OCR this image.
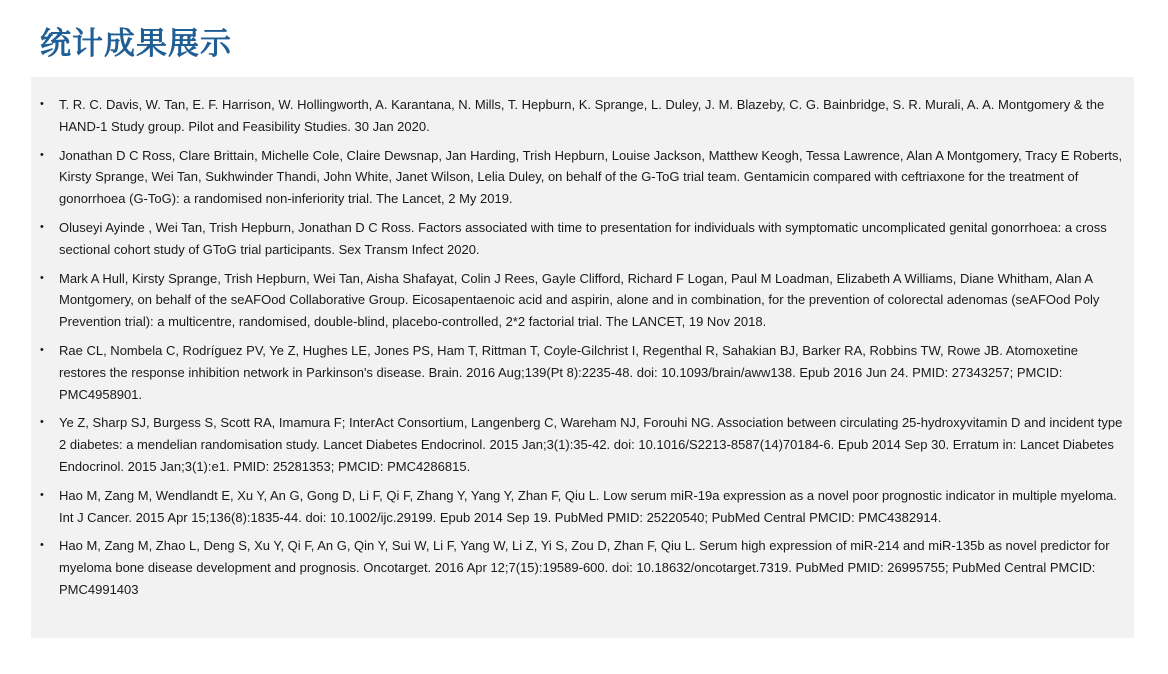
统计成果展示
• T. R. C. Davis, W. Tan, E. F. Harrison, W. Hollingworth, A. Karantana, N. Mills, T. Hepburn, K. Sprange, L. Duley, J. M. Blazeby, C. G. Bainbridge, S. R. Murali, A. A. Montgomery & the HAND-1 Study group. Pilot and Feasibility Studies. 30 Jan 2020.
• Jonathan D C Ross, Clare Brittain, Michelle Cole, Claire Dewsnap, Jan Harding, Trish Hepburn, Louise Jackson, Matthew Keogh, Tessa Lawrence, Alan A Montgomery, Tracy E Roberts, Kirsty Sprange, Wei Tan, Sukhwinder Thandi, John White, Janet Wilson, Lelia Duley, on behalf of the G-ToG trial team. Gentamicin compared with ceftriaxone for the treatment of gonorrhoea (G-ToG): a randomised non-inferiority trial. The Lancet, 2 My 2019.
• Oluseyi Ayinde , Wei Tan, Trish Hepburn, Jonathan D C Ross. Factors associated with time to presentation for individuals with symptomatic uncomplicated genital gonorrhoea: a cross sectional cohort study of GToG trial participants. Sex Transm Infect 2020.
• Mark A Hull, Kirsty Sprange, Trish Hepburn, Wei Tan, Aisha Shafayat, Colin J Rees, Gayle Clifford, Richard F Logan, Paul M Loadman, Elizabeth A Williams, Diane Whitham, Alan A Montgomery, on behalf of the seAFOod Collaborative Group. Eicosapentaenoic acid and aspirin, alone and in combination, for the prevention of colorectal adenomas (seAFOod Poly Prevention trial): a multicentre, randomised, double-blind, placebo-controlled, 2*2 factorial trial. The LANCET, 19 Nov 2018.
• Rae CL, Nombela C, Rodríguez PV, Ye Z, Hughes LE, Jones PS, Ham T, Rittman T, Coyle-Gilchrist I, Regenthal R, Sahakian BJ, Barker RA, Robbins TW, Rowe JB. Atomoxetine restores the response inhibition network in Parkinson's disease. Brain. 2016 Aug;139(Pt 8):2235-48. doi: 10.1093/brain/aww138. Epub 2016 Jun 24. PMID: 27343257; PMCID: PMC4958901.
• Ye Z, Sharp SJ, Burgess S, Scott RA, Imamura F; InterAct Consortium, Langenberg C, Wareham NJ, Forouhi NG. Association between circulating 25-hydroxyvitamin D and incident type 2 diabetes: a mendelian randomisation study. Lancet Diabetes Endocrinol. 2015 Jan;3(1):35-42. doi: 10.1016/S2213-8587(14)70184-6. Epub 2014 Sep 30. Erratum in: Lancet Diabetes Endocrinol. 2015 Jan;3(1):e1. PMID: 25281353; PMCID: PMC4286815.
• Hao M, Zang M, Wendlandt E, Xu Y, An G, Gong D, Li F, Qi F, Zhang Y, Yang Y, Zhan F, Qiu L. Low serum miR-19a expression as a novel poor prognostic indicator in multiple myeloma. Int J Cancer. 2015 Apr 15;136(8):1835-44. doi: 10.1002/ijc.29199. Epub 2014 Sep 19. PubMed PMID: 25220540; PubMed Central PMCID: PMC4382914.
• Hao M, Zang M, Zhao L, Deng S, Xu Y, Qi F, An G, Qin Y, Sui W, Li F, Yang W, Li Z, Yi S, Zou D, Zhan F, Qiu L. Serum high expression of miR-214 and miR-135b as novel predictor for myeloma bone disease development and prognosis. Oncotarget. 2016 Apr 12;7(15):19589-600. doi: 10.18632/oncotarget.7319. PubMed PMID: 26995755; PubMed Central PMCID: PMC4991403
